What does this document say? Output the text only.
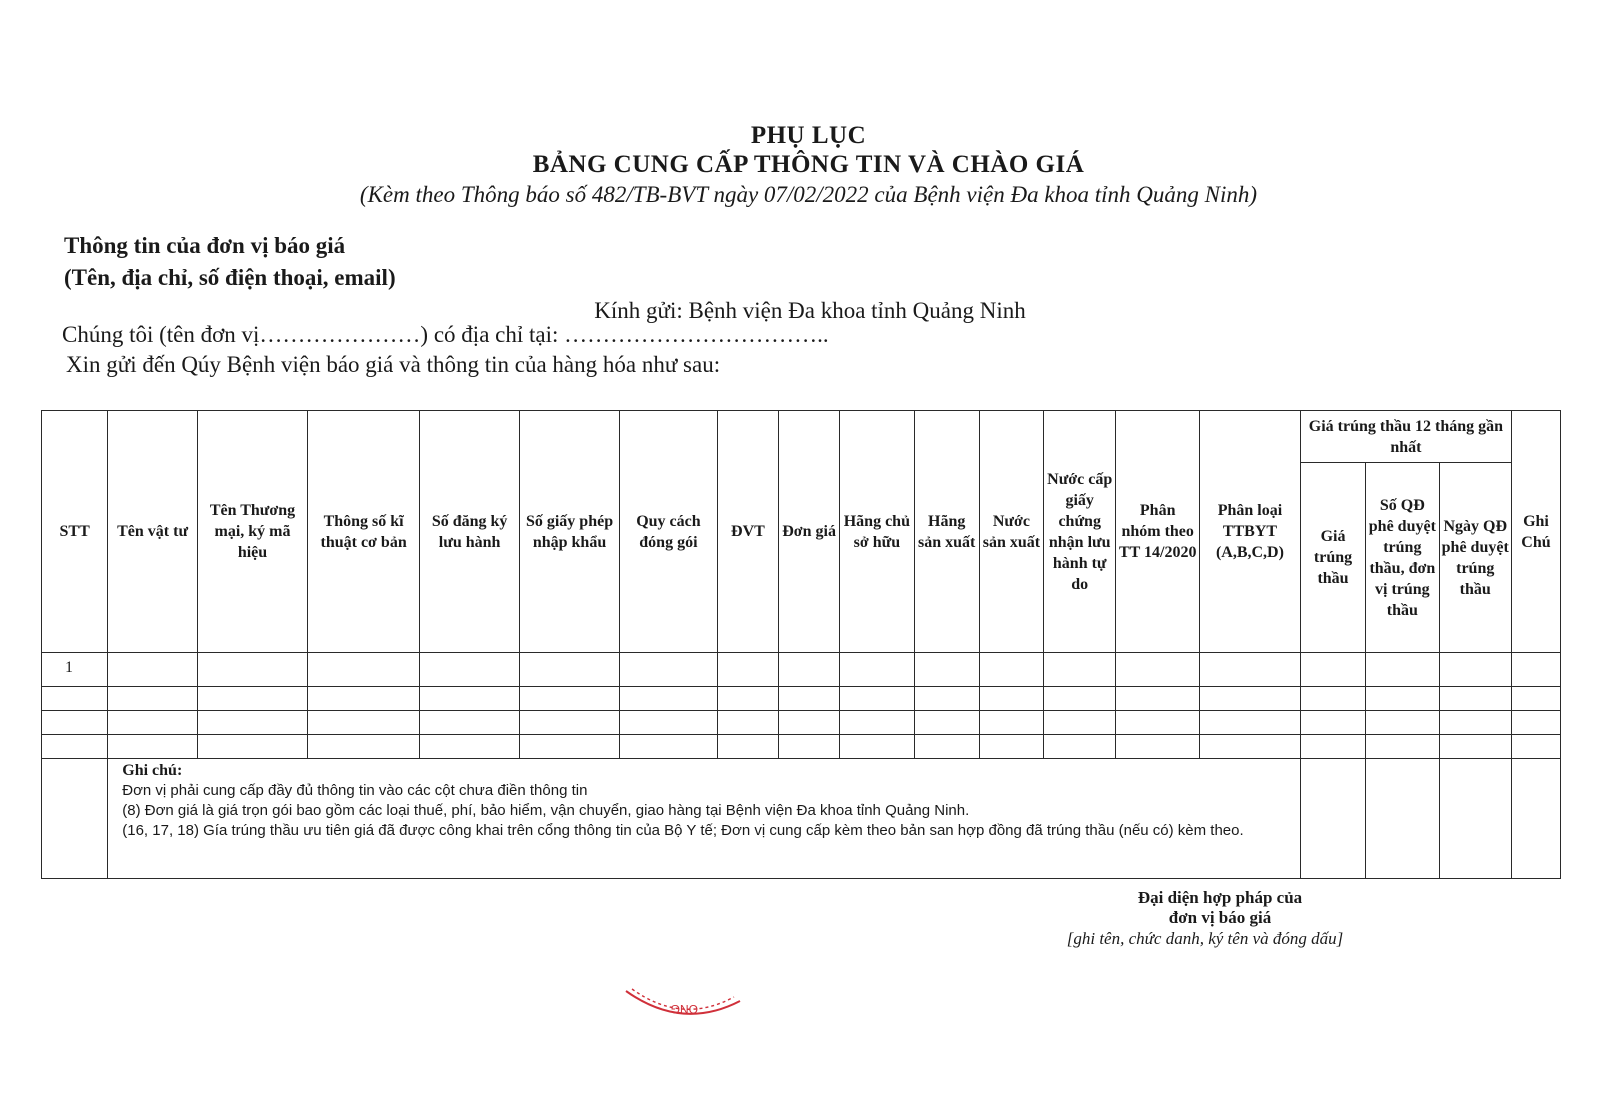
PHỤ LỤC
BẢNG CUNG CẤP THÔNG TIN VÀ CHÀO GIÁ
(Kèm theo Thông báo số 482/TB-BVT ngày 07/02/2022 của Bệnh viện Đa khoa tỉnh Quảng Ninh)
Thông tin của đơn vị báo giá
(Tên, địa chỉ, số điện thoại, email)
Kính gửi: Bệnh viện Đa khoa tỉnh Quảng Ninh
Chúng tôi (tên đơn vị…………………) có địa chỉ tại: ……………………………..
Xin gửi đến Qúy Bệnh viện báo giá và thông tin của hàng hóa như sau:
STT	Tên vật tư	Tên Thương mại, ký mã hiệu	Thông số kĩ thuật cơ bản	Số đăng ký lưu hành	Số giấy phép nhập khẩu	Quy cách đóng gói	ĐVT	Đơn giá	Hãng chủ sở hữu	Hãng sản xuất	Nước sản xuất	Nước cấp giấy chứng nhận lưu hành tự do	Phân nhóm theo TT 14/2020	Phân loại TTBYT (A,B,C,D)	Giá trúng thầu 12 tháng gần nhất			Ghi Chú
															Giá trúng thầu	Số QĐ phê duyệt trúng thầu, đơn vị trúng thầu	Ngày QĐ phê duyệt trúng thầu	
1																		

	Ghi chú:
Đơn vị phải cung cấp đầy đủ thông tin vào các cột chưa điền thông tin
(8) Đơn giá là giá trọn gói bao gồm các loại thuế, phí, bảo hiểm, vận chuyển, giao hàng tại Bệnh viện Đa khoa tỉnh Quảng Ninh.
(16, 17, 18) Gía trúng thầu ưu tiên giá đã được công khai trên cổng thông tin của Bộ Y tế; Đơn vị cung cấp kèm theo bản san hợp đồng đã trúng thầu (nếu có) kèm theo.																	

Đại diện hợp pháp của
đơn vị báo giá
[ghi tên, chức danh, ký tên và đóng dấu]
ONG
